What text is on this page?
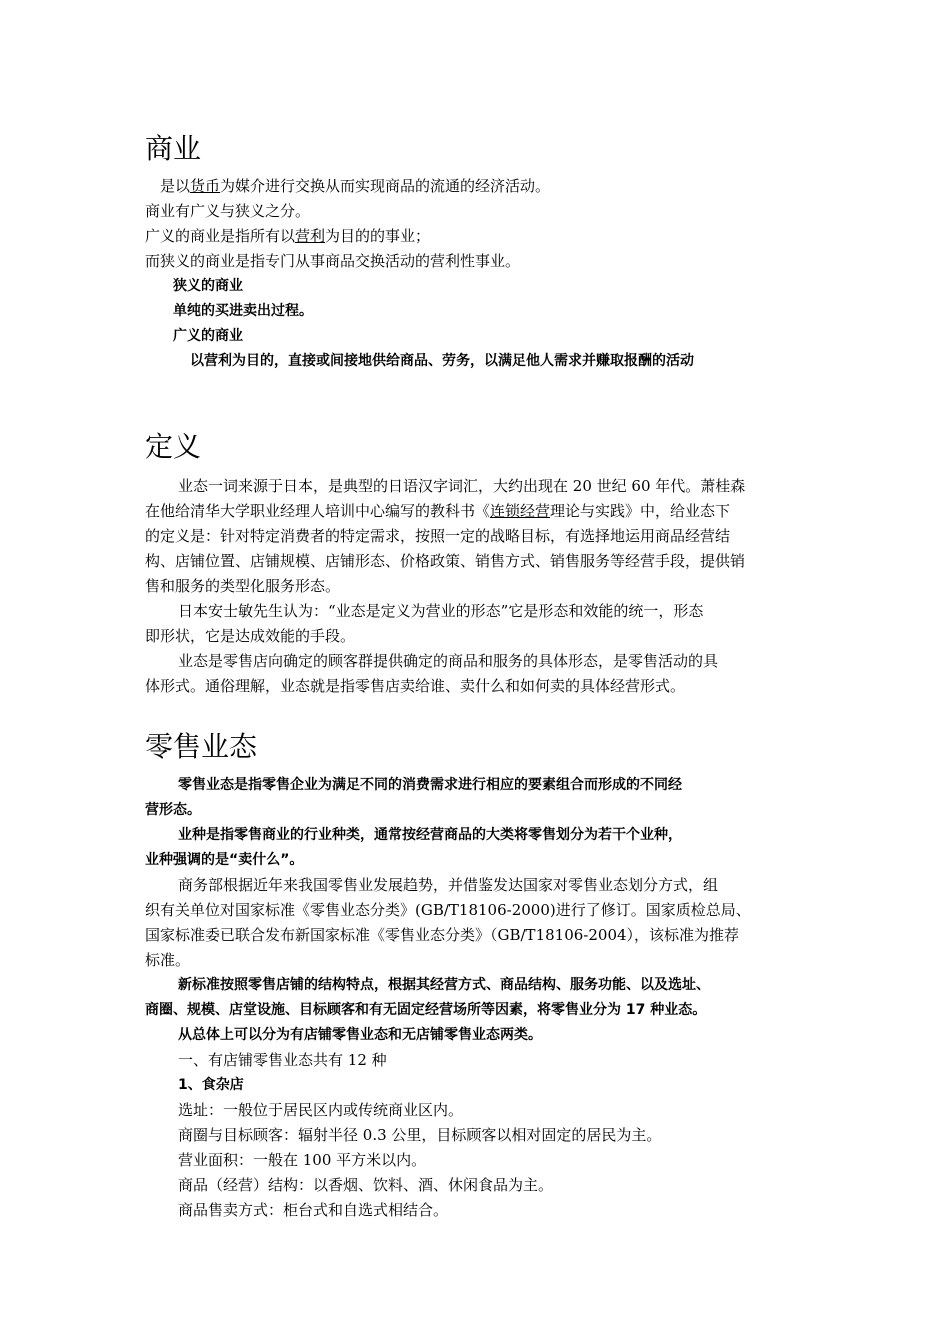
商业

是以货币为媒介进行交换从而实现商品的流通的经济活动。

商业有广义与狭义之分。

广义的商业是指所有以营利为目的的事业；

而狭义的商业是指专门从事商品交换活动的营利性事业。

狭义的商业

单纯的买进卖出过程。

广义的商业

以营利为目的，直接或间接地供给商品、劳务，以满足他人需求并赚取报酬的活动

定义

业态一词来源于日本，是典型的日语汉字词汇，大约出现在 20 世纪 60 年代。萧桂森

在他给清华大学职业经理人培训中心编写的教科书《连锁经营理论与实践》中，给业态下

的定义是：针对特定消费者的特定需求，按照一定的战略目标，有选择地运用商品经营结

构、店铺位置、店铺规模、店铺形态、价格政策、销售方式、销售服务等经营手段，提供销

售和服务的类型化服务形态。

日本安士敏先生认为：“业态是定义为营业的形态”它是形态和效能的统一，形态

即形状，它是达成效能的手段。

业态是零售店向确定的顾客群提供确定的商品和服务的具体形态，是零售活动的具

体形式。通俗理解，业态就是指零售店卖给谁、卖什么和如何卖的具体经营形式。

零售业态

零售业态是指零售企业为满足不同的消费需求进行相应的要素组合而形成的不同经

营形态。

业种是指零售商业的行业种类，通常按经营商品的大类将零售划分为若干个业种，

业种强调的是“卖什么”。

商务部根据近年来我国零售业发展趋势，并借鉴发达国家对零售业态划分方式，组

织有关单位对国家标准《零售业态分类》(GB/T18106-2000)进行了修订。国家质检总局、

国家标准委已联合发布新国家标准《零售业态分类》（GB/T18106-2004），该标准为推荐

标准。

新标准按照零售店铺的结构特点，根据其经营方式、商品结构、服务功能、以及选址、

商圈、规模、店堂设施、目标顾客和有无固定经营场所等因素，将零售业分为 17 种业态。

从总体上可以分为有店铺零售业态和无店铺零售业态两类。

一、有店铺零售业态共有 12 种

1、食杂店

选址：一般位于居民区内或传统商业区内。

商圈与目标顾客：辐射半径 0.3 公里，目标顾客以相对固定的居民为主。

营业面积：一般在 100 平方米以内。

商品（经营）结构：以香烟、饮料、酒、休闲食品为主。

商品售卖方式：柜台式和自选式相结合。
